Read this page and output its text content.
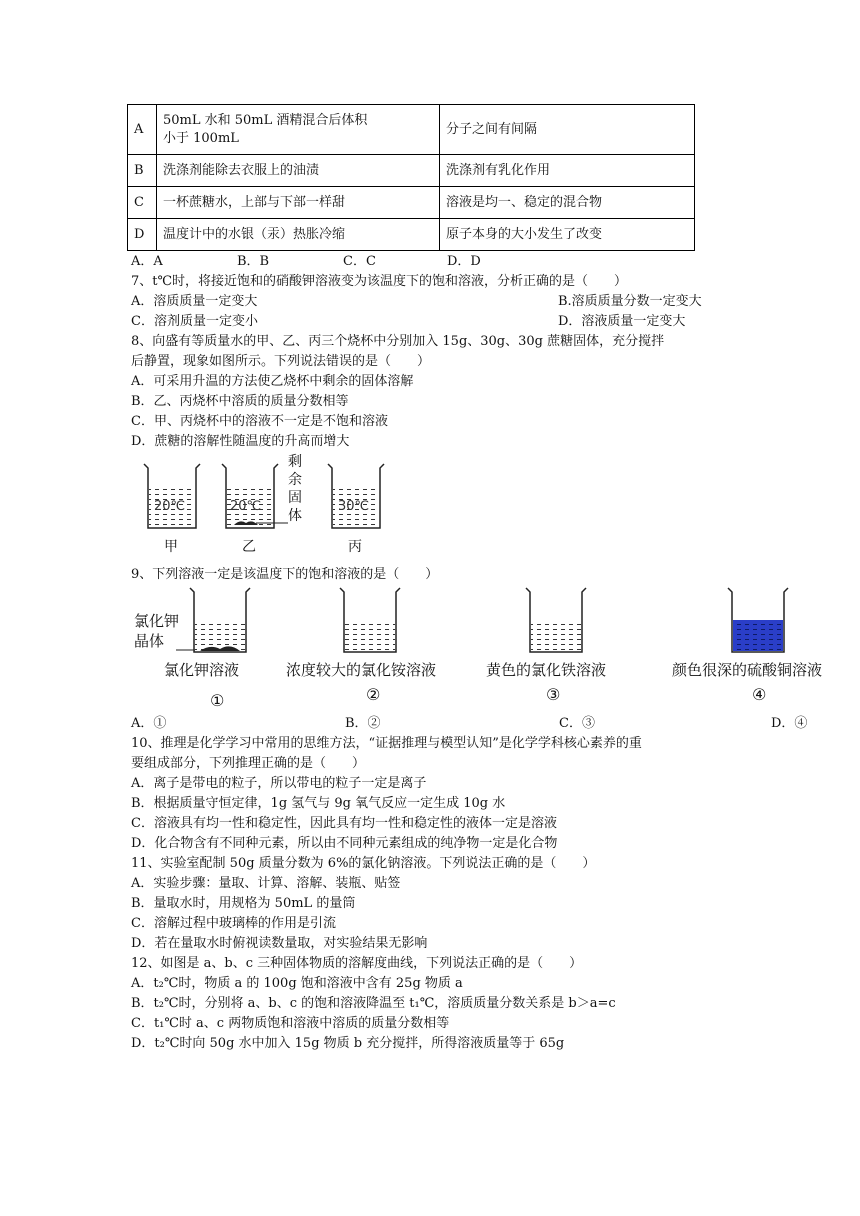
A	50mL 水和 50mL 酒精混合后体积
小于 100mL	分子之间有间隔
B	洗涤剂能除去衣服上的油渍	洗涤剂有乳化作用
C	一杯蔗糖水，上部与下部一样甜	溶液是均一、稳定的混合物
D	温度计中的水银（汞）热胀冷缩	原子本身的大小发生了改变
A．A	B．B	C．C	D．D
7、t℃时，将接近饱和的硝酸钾溶液变为该温度下的饱和溶液，分析正确的是（　　）
A．溶质质量一定变大	B.溶质质量分数一定变大
C．溶剂质量一定变小	D．溶液质量一定变大
8、向盛有等质量水的甲、乙、丙三个烧杯中分别加入 15g、30g、30g 蔗糖固体，充分搅拌
后静置，现象如图所示。下列说法错误的是（　　）
A．可采用升温的方法使乙烧杯中剩余的固体溶解
B．乙、丙烧杯中溶质的质量分数相等
C．甲、丙烧杯中的溶液不一定是不饱和溶液
D．蔗糖的溶解性随温度的升高而增大
20℃
甲
20℃
乙
剩
余
固
体
30℃
丙
9、下列溶液一定是该温度下的饱和溶液的是（　　）
氯化钾
晶体
氯化钾溶液
①
浓度较大的氯化铵溶液
②
黄色的氯化铁溶液
③
颜色很深的硫酸铜溶液
④
A．①	B．②	C．③	D．④
10、推理是化学学习中常用的思维方法，“证据推理与模型认知”是化学学科核心素养的重
要组成部分，下列推理正确的是（　　）
A．离子是带电的粒子，所以带电的粒子一定是离子
B．根据质量守恒定律，1g 氢气与 9g 氧气反应一定生成 10g 水
C．溶液具有均一性和稳定性，因此具有均一性和稳定性的液体一定是溶液
D．化合物含有不同种元素，所以由不同种元素组成的纯净物一定是化合物
11、实验室配制 50g 质量分数为 6%的氯化钠溶液。下列说法正确的是（　　）
A．实验步骤：量取、计算、溶解、装瓶、贴签
B．量取水时，用规格为 50mL 的量筒
C．溶解过程中玻璃棒的作用是引流
D．若在量取水时俯视读数量取，对实验结果无影响
12、如图是 a、b、c 三种固体物质的溶解度曲线，下列说法正确的是（　　）
A．t₂℃时，物质 a 的 100g 饱和溶液中含有 25g 物质 a
B．t₂℃时，分别将 a、b、c 的饱和溶液降温至 t₁℃，溶质质量分数关系是 b＞a=c
C．t₁℃时 a、c 两物质饱和溶液中溶质的质量分数相等
D．t₂℃时向 50g 水中加入 15g 物质 b 充分搅拌，所得溶液质量等于 65g
